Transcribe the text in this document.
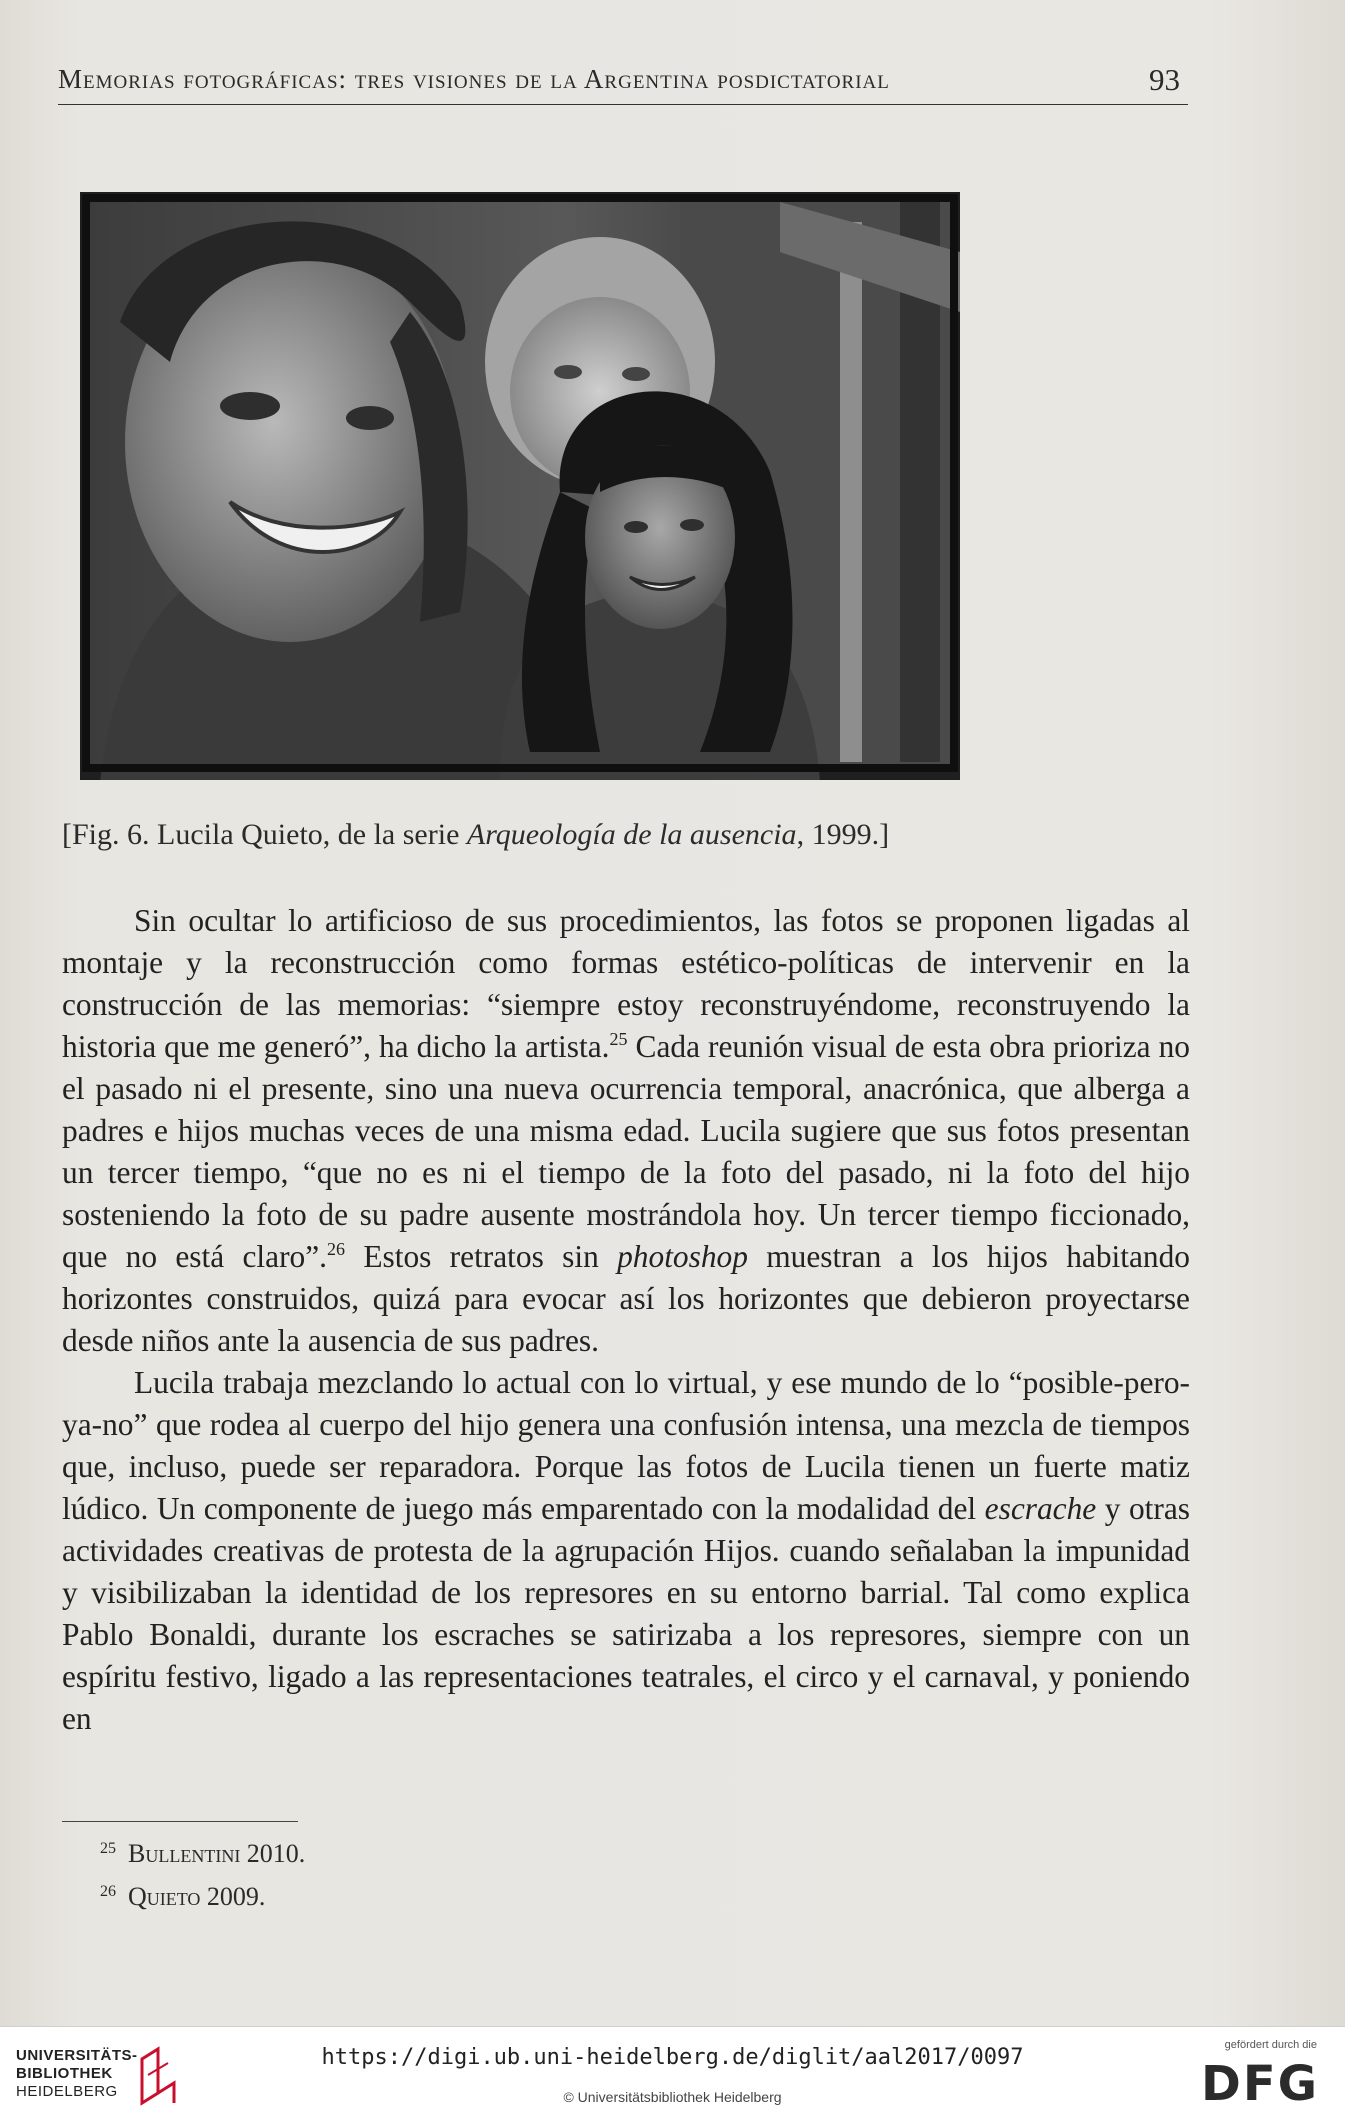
Memorias fotográficas: tres visiones de la Argentina posdictatorial	93
[Fig. 6. Lucila Quieto, de la serie Arqueología de la ausencia, 1999.]

Sin ocultar lo artificioso de sus procedimientos, las fotos se proponen ligadas al montaje y la reconstrucción como formas estético-políticas de intervenir en la construcción de las memorias: “siempre estoy reconstruyéndome, reconstruyendo la historia que me generó”, ha dicho la artista.$^{25}$ Cada reunión visual de esta obra prioriza no el pasado ni el presente, sino una nueva ocurrencia temporal, anacrónica, que alberga a padres e hijos muchas veces de una misma edad. Lucila sugiere que sus fotos presentan un tercer tiempo, “que no es ni el tiempo de la foto del pasado, ni la foto del hijo sosteniendo la foto de su padre ausente mostrándola hoy. Un tercer tiempo ficcionado, que no está claro”.$^{26}$ Estos retratos sin photoshop muestran a los hijos habitando horizontes construidos, quizá para evocar así los horizontes que debieron proyectarse desde niños ante la ausencia de sus padres.

Lucila trabaja mezclando lo actual con lo virtual, y ese mundo de lo “posible-pero-ya-no” que rodea al cuerpo del hijo genera una confusión intensa, una mezcla de tiempos que, incluso, puede ser reparadora. Porque las fotos de Lucila tienen un fuerte matiz lúdico. Un componente de juego más emparentado con la modalidad del escrache y otras actividades creativas de protesta de la agrupación Hijos. cuando señalaban la impunidad y visibilizaban la identidad de los represores en su entorno barrial. Tal como explica Pablo Bonaldi, durante los escraches se satirizaba a los represores, siempre con un espíritu festivo, ligado a las representaciones teatrales, el circo y el carnaval, y poniendo en

$^{25}$ Bullentini 2010.
$^{26}$ Quieto 2009.
UNIVERSITÄTS-
BIBLIOTHEK
HEIDELBERG
https://digi.ub.uni-heidelberg.de/diglit/aal2017/0097
© Universitätsbibliothek Heidelberg
gefördert durch die
DFG
